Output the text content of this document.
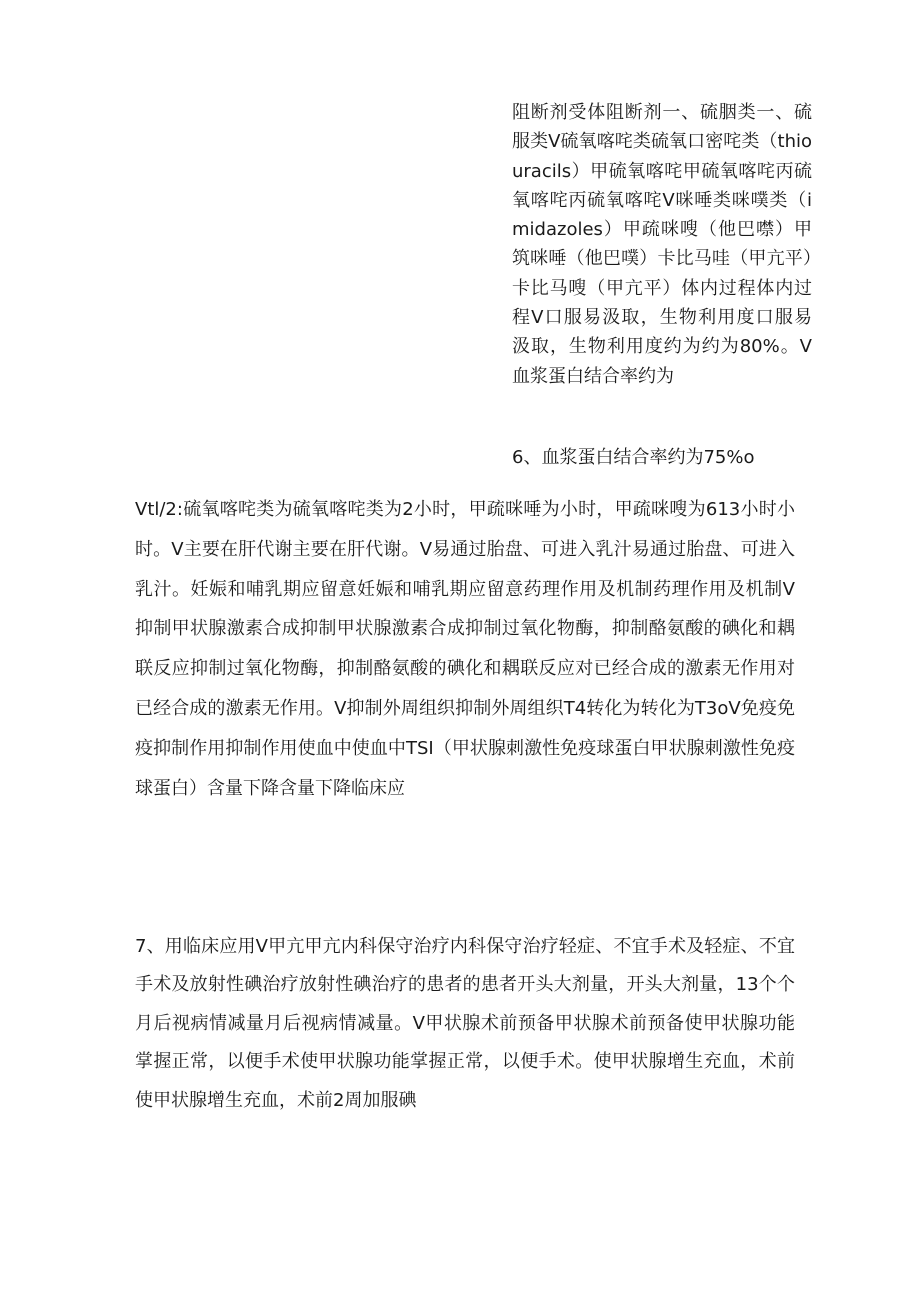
阻断剂受体阻断剂一、硫胭类一、硫服类V硫氧喀咤类硫氧口密咤类（thiouracils）甲硫氧喀咤甲硫氧喀咤丙硫氧喀咤丙硫氧喀咤V咪唾类咪噗类（imidazoles）甲疏咪嗖（他巴噤）甲筑咪唾（他巴噗）卡比马哇（甲亢平）卡比马嗖（甲亢平）体内过程体内过程V口服易汲取，生物利用度口服易汲取，生物利用度约为约为80%。V血浆蛋白结合率约为
6、血浆蛋白结合率约为75%o
Vtl/2:硫氧喀咤类为硫氧喀咤类为2小时，甲疏咪唾为小时，甲疏咪嗖为613小时小时。V主要在肝代谢主要在肝代谢。V易通过胎盘、可进入乳汁易通过胎盘、可进入乳汁。妊娠和哺乳期应留意妊娠和哺乳期应留意药理作用及机制药理作用及机制V抑制甲状腺激素合成抑制甲状腺激素合成抑制过氧化物酶，抑制酪氨酸的碘化和耦联反应抑制过氧化物酶，抑制酪氨酸的碘化和耦联反应对已经合成的激素无作用对已经合成的激素无作用。V抑制外周组织抑制外周组织T4转化为转化为T3oV免疫免疫抑制作用抑制作用使血中使血中TSI（甲状腺刺激性免疫球蛋白甲状腺刺激性免疫球蛋白）含量下降含量下降临床应
7、用临床应用V甲亢甲亢内科保守治疗内科保守治疗轻症、不宜手术及轻症、不宜手术及放射性碘治疗放射性碘治疗的患者的患者开头大剂量，开头大剂量，13个个月后视病情减量月后视病情减量。V甲状腺术前预备甲状腺术前预备使甲状腺功能掌握正常，以便手术使甲状腺功能掌握正常，以便手术。使甲状腺增生充血，术前使甲状腺增生充血，术前2周加服碘
